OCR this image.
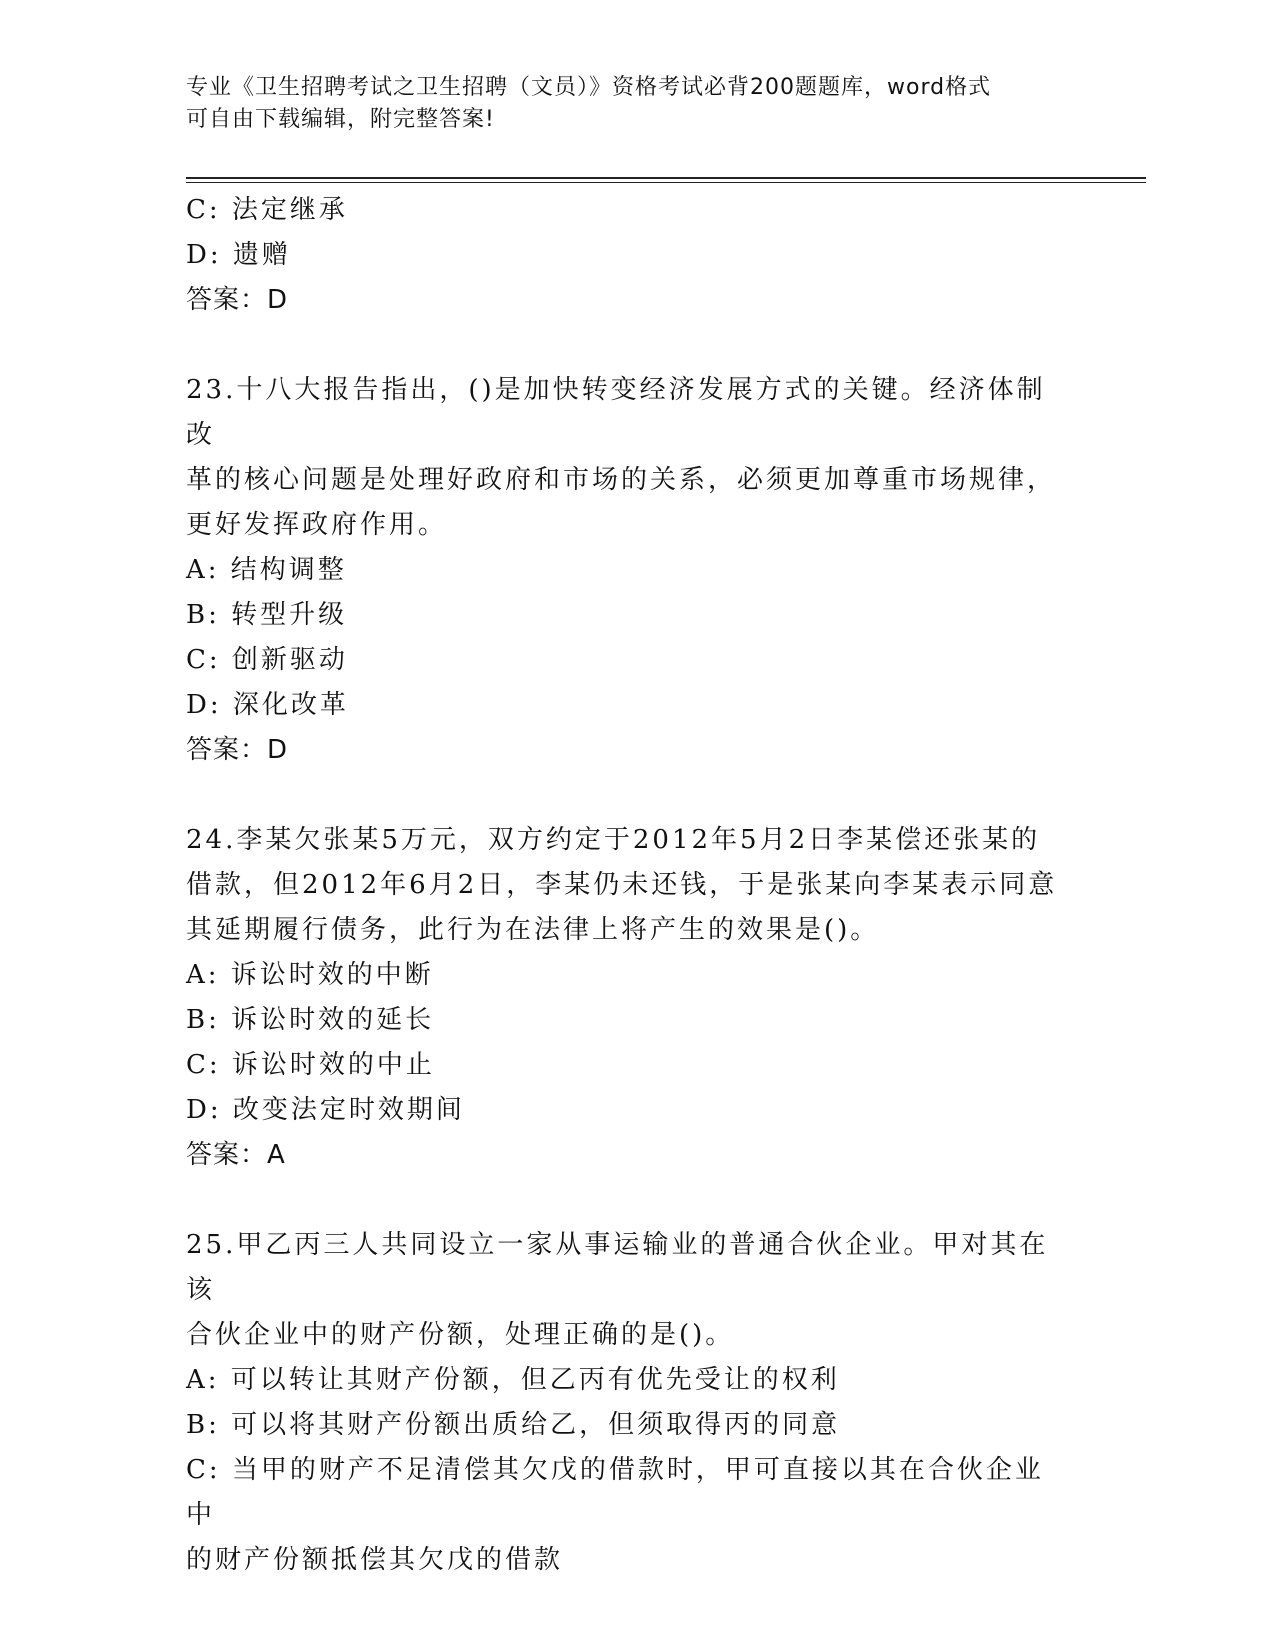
专业《卫生招聘考试之卫生招聘（文员）》资格考试必背200题题库，word格式
可自由下载编辑，附完整答案!

C: 法定继承

D: 遗赠

答案：D

23.十八大报告指出，()是加快转变经济发展方式的关键。经济体制改

革的核心问题是处理好政府和市场的关系，必须更加尊重市场规律，

更好发挥政府作用。

A: 结构调整

B: 转型升级

C: 创新驱动

D: 深化改革

答案：D

24.李某欠张某5万元，双方约定于2012年5月2日李某偿还张某的

借款，但2012年6月2日，李某仍未还钱，于是张某向李某表示同意

其延期履行债务，此行为在法律上将产生的效果是()。

A: 诉讼时效的中断

B: 诉讼时效的延长

C: 诉讼时效的中止

D: 改变法定时效期间

答案：A

25.甲乙丙三人共同设立一家从事运输业的普通合伙企业。甲对其在该

合伙企业中的财产份额，处理正确的是()。

A: 可以转让其财产份额，但乙丙有优先受让的权利

B: 可以将其财产份额出质给乙，但须取得丙的同意

C: 当甲的财产不足清偿其欠戊的借款时，甲可直接以其在合伙企业中

的财产份额抵偿其欠戊的借款
